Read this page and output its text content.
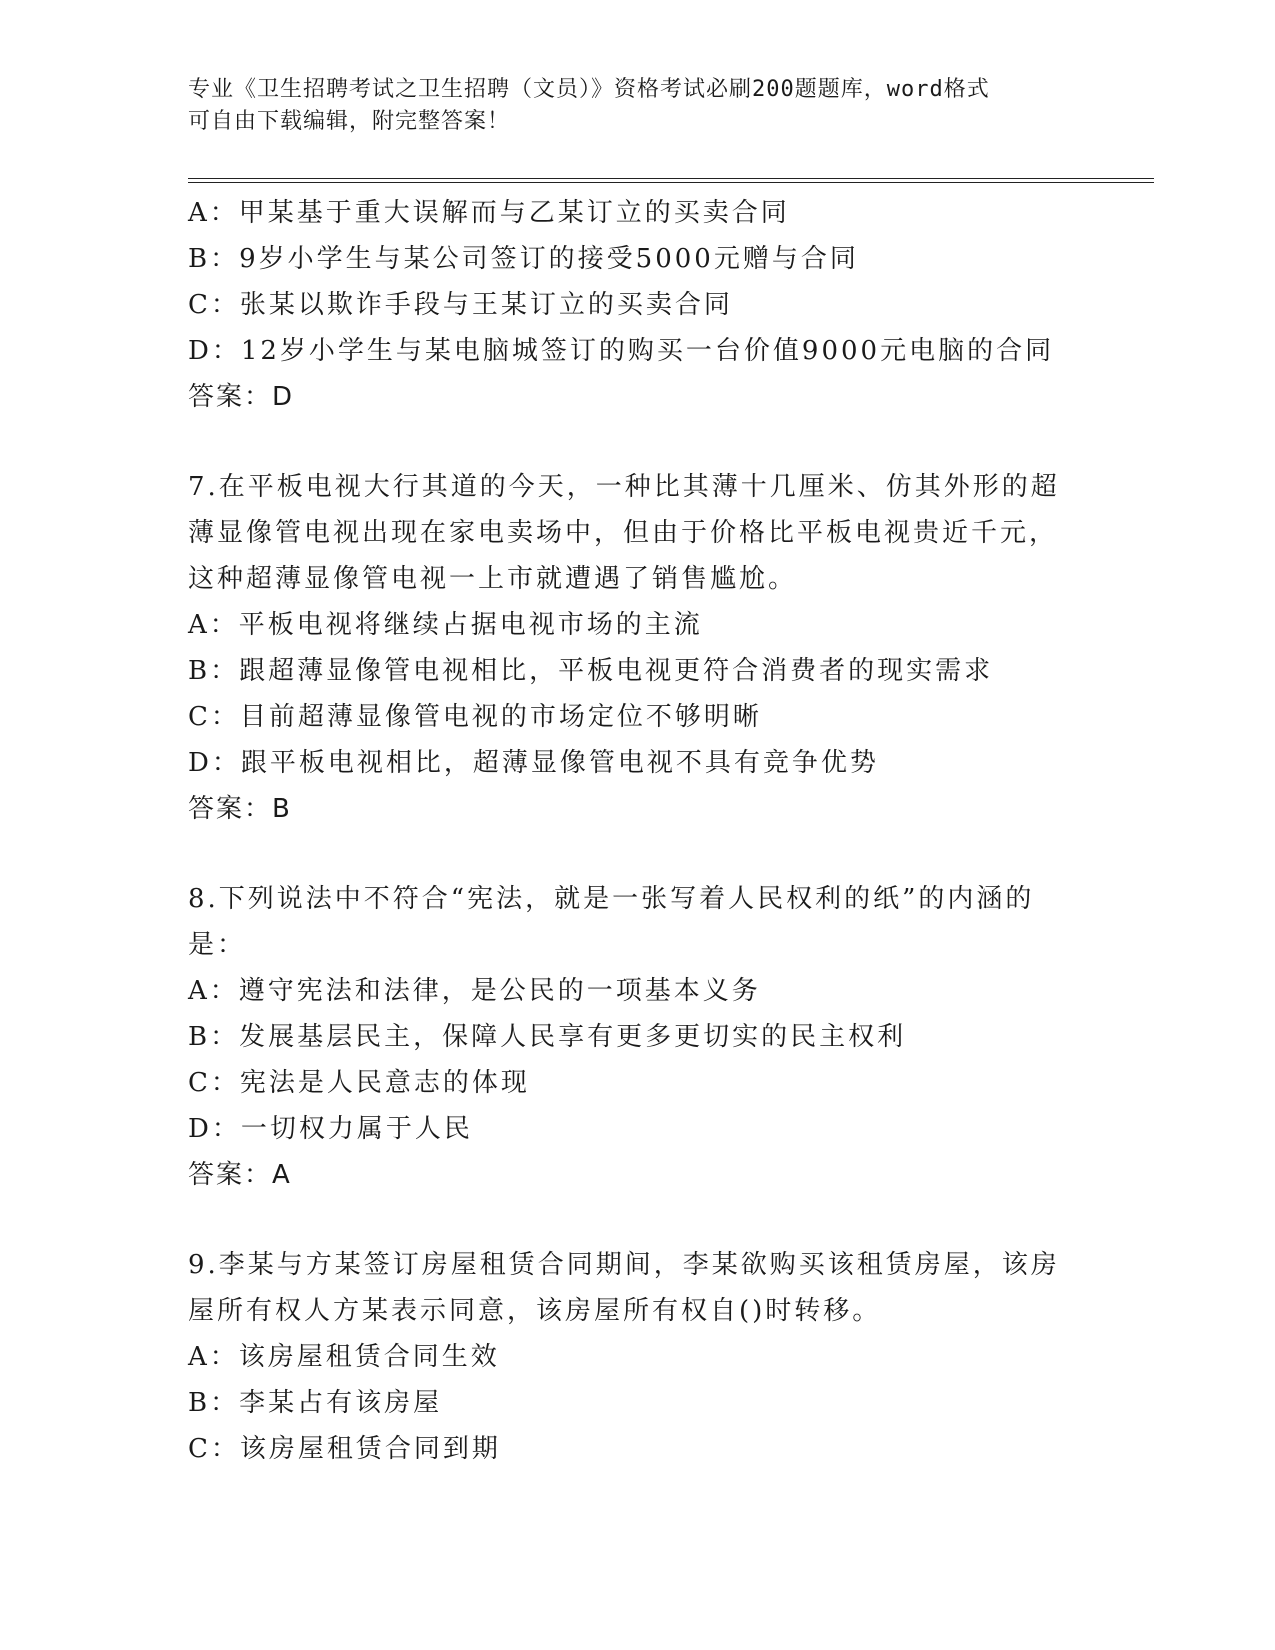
专业《卫生招聘考试之卫生招聘（文员）》资格考试必刷200题题库，word格式
可自由下载编辑，附完整答案！
A：甲某基于重大误解而与乙某订立的买卖合同
B：9岁小学生与某公司签订的接受5000元赠与合同
C：张某以欺诈手段与王某订立的买卖合同
D：12岁小学生与某电脑城签订的购买一台价值9000元电脑的合同
答案：D
7.在平板电视大行其道的今天，一种比其薄十几厘米、仿其外形的超
薄显像管电视出现在家电卖场中，但由于价格比平板电视贵近千元，
这种超薄显像管电视一上市就遭遇了销售尴尬。
A：平板电视将继续占据电视市场的主流
B：跟超薄显像管电视相比，平板电视更符合消费者的现实需求
C：目前超薄显像管电视的市场定位不够明晰
D：跟平板电视相比，超薄显像管电视不具有竞争优势
答案：B
8.下列说法中不符合“宪法，就是一张写着人民权利的纸”的内涵的
是：
A：遵守宪法和法律，是公民的一项基本义务
B：发展基层民主，保障人民享有更多更切实的民主权利
C：宪法是人民意志的体现
D：一切权力属于人民
答案：A
9.李某与方某签订房屋租赁合同期间，李某欲购买该租赁房屋，该房
屋所有权人方某表示同意，该房屋所有权自()时转移。
A：该房屋租赁合同生效
B：李某占有该房屋
C：该房屋租赁合同到期
